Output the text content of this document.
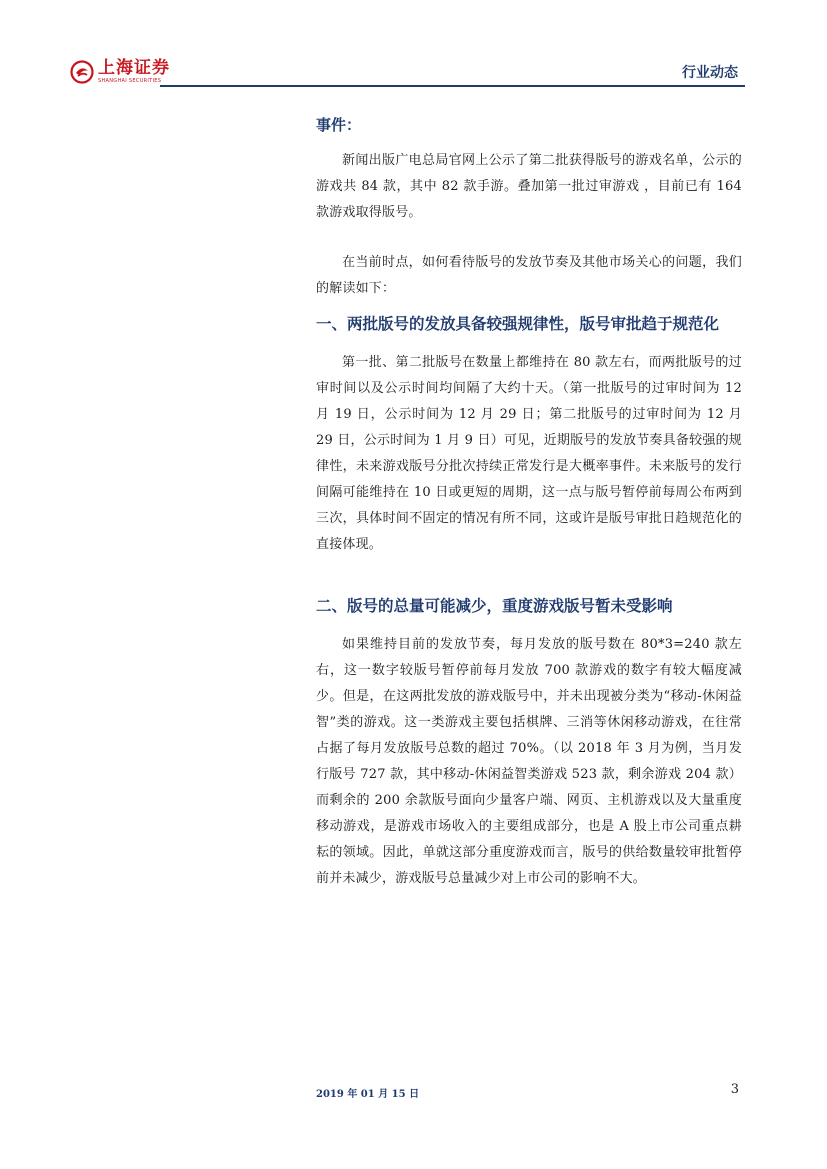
上海证券
SHANGHAI SECURITIES	行业动态
事件：

新闻出版广电总局官网上公示了第二批获得版号的游戏名单，公示的游戏共 84 款，其中 82 款手游。叠加第一批过审游戏 ，目前已有 164 款游戏取得版号。

在当前时点，如何看待版号的发放节奏及其他市场关心的问题，我们的解读如下：

一、两批版号的发放具备较强规律性，版号审批趋于规范化

第一批、第二批版号在数量上都维持在 80 款左右，而两批版号的过审时间以及公示时间均间隔了大约十天。（第一批版号的过审时间为 12 月 19 日，公示时间为 12 月 29 日；第二批版号的过审时间为 12 月 29 日，公示时间为 1 月 9 日）可见，近期版号的发放节奏具备较强的规律性，未来游戏版号分批次持续正常发行是大概率事件。未来版号的发行间隔可能维持在 10 日或更短的周期，这一点与版号暂停前每周公布两到三次，具体时间不固定的情况有所不同，这或许是版号审批日趋规范化的直接体现。

二、版号的总量可能减少，重度游戏版号暂未受影响

如果维持目前的发放节奏，每月发放的版号数在 80*3=240 款左右，这一数字较版号暂停前每月发放 700 款游戏的数字有较大幅度减少。但是，在这两批发放的游戏版号中，并未出现被分类为“移动-休闲益智”类的游戏。这一类游戏主要包括棋牌、三消等休闲移动游戏，在往常占据了每月发放版号总数的超过 70%。（以 2018 年 3 月为例，当月发行版号 727 款，其中移动-休闲益智类游戏 523 款，剩余游戏 204 款）而剩余的 200 余款版号面向少量客户端、网页、主机游戏以及大量重度移动游戏，是游戏市场收入的主要组成部分，也是 A 股上市公司重点耕耘的领域。因此，单就这部分重度游戏而言，版号的供给数量较审批暂停前并未减少，游戏版号总量减少对上市公司的影响不大。

2019 年 01 月 15 日	3
